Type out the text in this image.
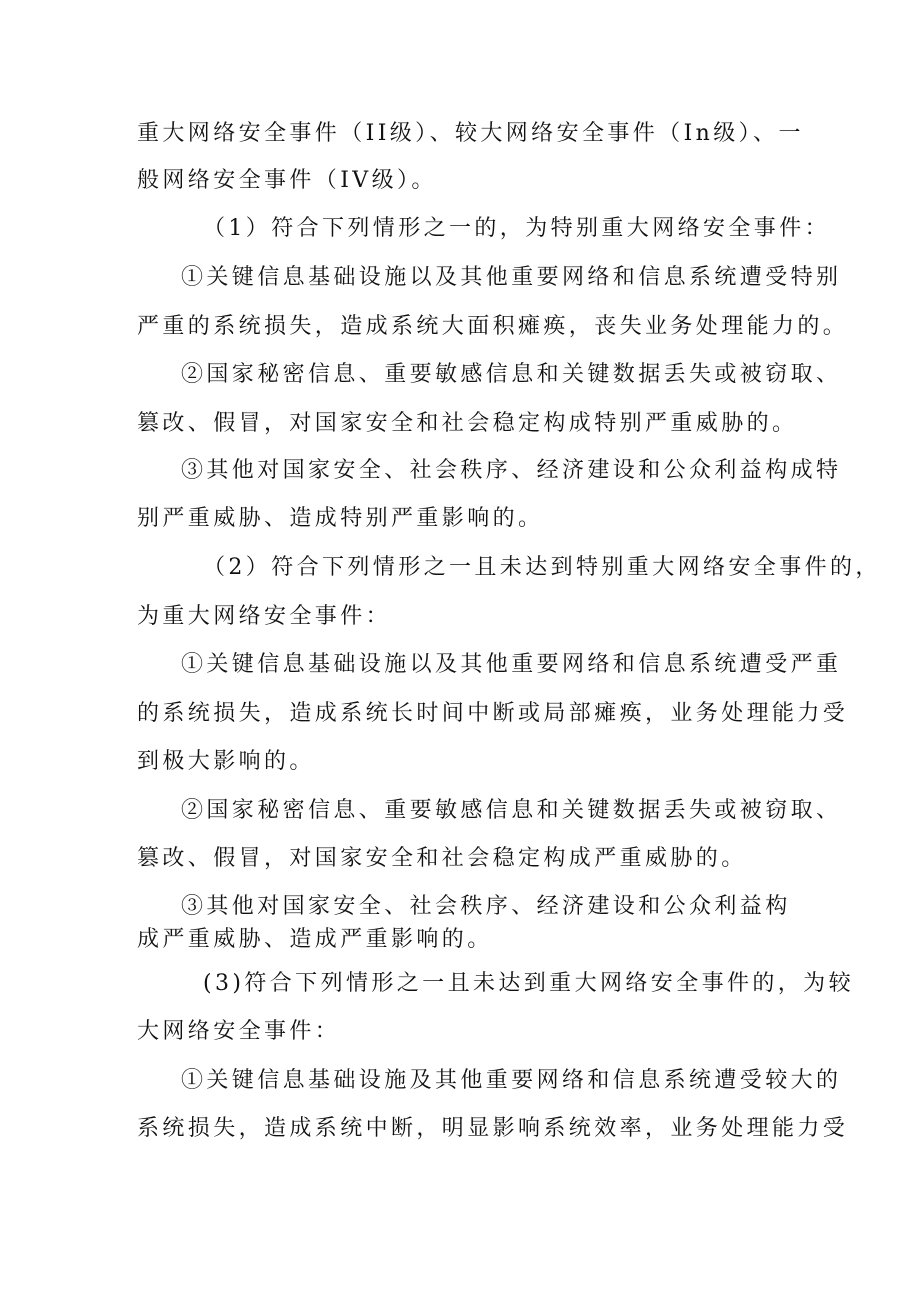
重大网络安全事件（II级）、较大网络安全事件（In级）、一
般网络安全事件（IV级）。
（1）符合下列情形之一的，为特别重大网络安全事件：
①关键信息基础设施以及其他重要网络和信息系统遭受特别
严重的系统损失，造成系统大面积瘫痪，丧失业务处理能力的。
②国家秘密信息、重要敏感信息和关键数据丢失或被窃取、
篡改、假冒，对国家安全和社会稳定构成特别严重威胁的。
③其他对国家安全、社会秩序、经济建设和公众利益构成特
别严重威胁、造成特别严重影响的。
（2）符合下列情形之一且未达到特别重大网络安全事件的，
为重大网络安全事件：
①关键信息基础设施以及其他重要网络和信息系统遭受严重
的系统损失，造成系统长时间中断或局部瘫痪，业务处理能力受
到极大影响的。
②国家秘密信息、重要敏感信息和关键数据丢失或被窃取、
篡改、假冒，对国家安全和社会稳定构成严重威胁的。
③其他对国家安全、社会秩序、经济建设和公众利益构
成严重威胁、造成严重影响的。
(3)符合下列情形之一且未达到重大网络安全事件的，为较
大网络安全事件：
①关键信息基础设施及其他重要网络和信息系统遭受较大的
系统损失，造成系统中断，明显影响系统效率，业务处理能力受
